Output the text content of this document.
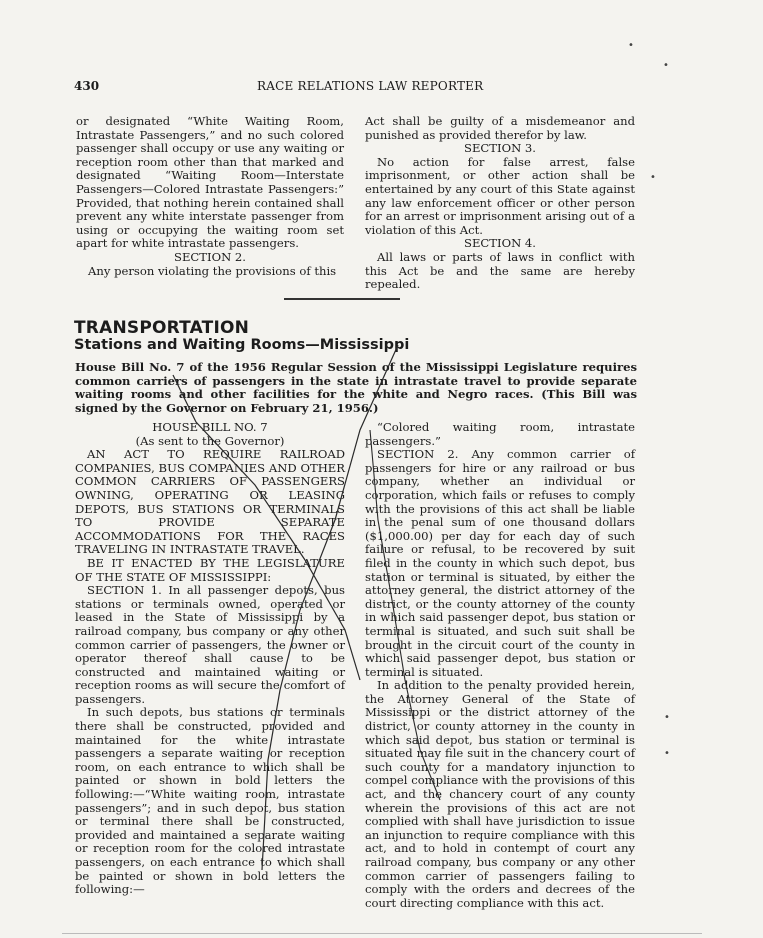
430	RACE RELATIONS LAW REPORTER

or designated “White Waiting Room, Intrastate Passengers,” and no such colored passenger shall occupy or use any waiting or reception room other than that marked and designated “Waiting Room—Interstate Passengers—Colored Intrastate Passengers:” Provided, that nothing herein contained shall prevent any white interstate passenger from using or occupying the waiting room set apart for white intrastate passengers.

SECTION 2.

Any person violating the provisions of this

Act shall be guilty of a misdemeanor and punished as provided therefor by law.

SECTION 3.

No action for false arrest, false imprisonment, or other action shall be entertained by any court of this State against any law enforcement officer or other person for an arrest or imprisonment arising out of a violation of this Act.

SECTION 4.

All laws or parts of laws in conflict with this Act be and the same are hereby repealed.

TRANSPORTATION
Stations and Waiting Rooms—Mississippi
House Bill No. 7 of the 1956 Regular Session of the Mississippi Legislature requires common carriers of passengers in the state in intrastate travel to provide separate waiting rooms and other facilities for the white and Negro races. (This Bill was signed by the Governor on February 21, 1956.)

HOUSE BILL NO. 7

(As sent to the Governor)

AN ACT TO REQUIRE RAILROAD COMPANIES, BUS COMPANIES AND OTHER COMMON CARRIERS OF PASSENGERS OWNING, OPERATING OR LEASING DEPOTS, BUS STATIONS OR TERMINALS TO PROVIDE SEPARATE ACCOMMODATIONS FOR THE RACES TRAVELING IN INTRASTATE TRAVEL.

BE IT ENACTED BY THE LEGISLATURE OF THE STATE OF MISSISSIPPI:

SECTION 1. In all passenger depots, bus stations or terminals owned, operated or leased in the State of Mississippi by a railroad company, bus company or any other common carrier of passengers, the owner or operator thereof shall cause to be constructed and maintained waiting or reception rooms as will secure the comfort of passengers.

In such depots, bus stations or terminals there shall be constructed, provided and maintained for the white intrastate passengers a separate waiting or reception room, on each entrance to which shall be painted or shown in bold letters the following:—“White waiting room, intrastate passengers”; and in such depot, bus station or terminal there shall be constructed, provided and maintained a separate waiting or reception room for the colored intrastate passengers, on each entrance to which shall be painted or shown in bold letters the following:—

“Colored waiting room, intrastate passengers.”

SECTION 2. Any common carrier of passengers for hire or any railroad or bus company, whether an individual or corporation, which fails or refuses to comply with the provisions of this act shall be liable in the penal sum of one thousand dollars ($1,000.00) per day for each day of such failure or refusal, to be recovered by suit filed in the county in which such depot, bus station or terminal is situated, by either the attorney general, the district attorney of the district, or the county attorney of the county in which said passenger depot, bus station or terminal is situated, and such suit shall be brought in the circuit court of the county in which said passenger depot, bus station or terminal is situated.

In addition to the penalty provided herein, the Attorney General of the State of Mississippi or the district attorney of the district, or county attorney in the county in which said depot, bus station or terminal is situated may file suit in the chancery court of such county for a mandatory injunction to compel compliance with the provisions of this act, and the chancery court of any county wherein the provisions of this act are not complied with shall have jurisdiction to issue an injunction to require compliance with this act, and to hold in contempt of court any railroad company, bus company or any other common carrier of passengers failing to comply with the orders and decrees of the court directing compliance with this act.

•
•
•
•
•
